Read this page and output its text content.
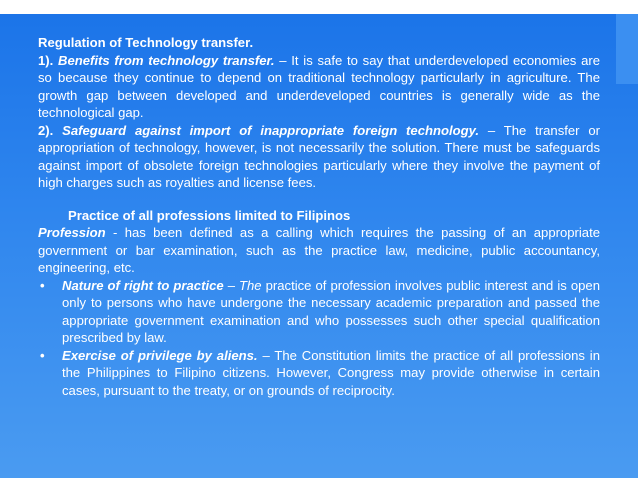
Regulation of Technology transfer.

1). Benefits from technology transfer. – It is safe to say that underdeveloped economies are so because they continue to depend on traditional technology particularly in agriculture. The growth gap between developed and underdeveloped countries is generally wide as the technological gap.

2). Safeguard against import of inappropriate foreign technology. – The transfer or appropriation of technology, however, is not necessarily the solution. There must be safeguards against import of obsolete foreign technologies particularly where they involve the payment of high charges such as royalties and license fees.

Practice of all professions limited to Filipinos

Profession - has been defined as a calling which requires the passing of an appropriate government or bar examination, such as the practice law, medicine, public accountancy, engineering, etc.

• Nature of right to practice – The practice of profession involves public interest and is open only to persons who have undergone the necessary academic preparation and passed the appropriate government examination and who possesses such other special qualification prescribed by law.
• Exercise of privilege by aliens. – The Constitution limits the practice of all professions in the Philippines to Filipino citizens. However, Congress may provide otherwise in certain cases, pursuant to the treaty, or on grounds of reciprocity.
